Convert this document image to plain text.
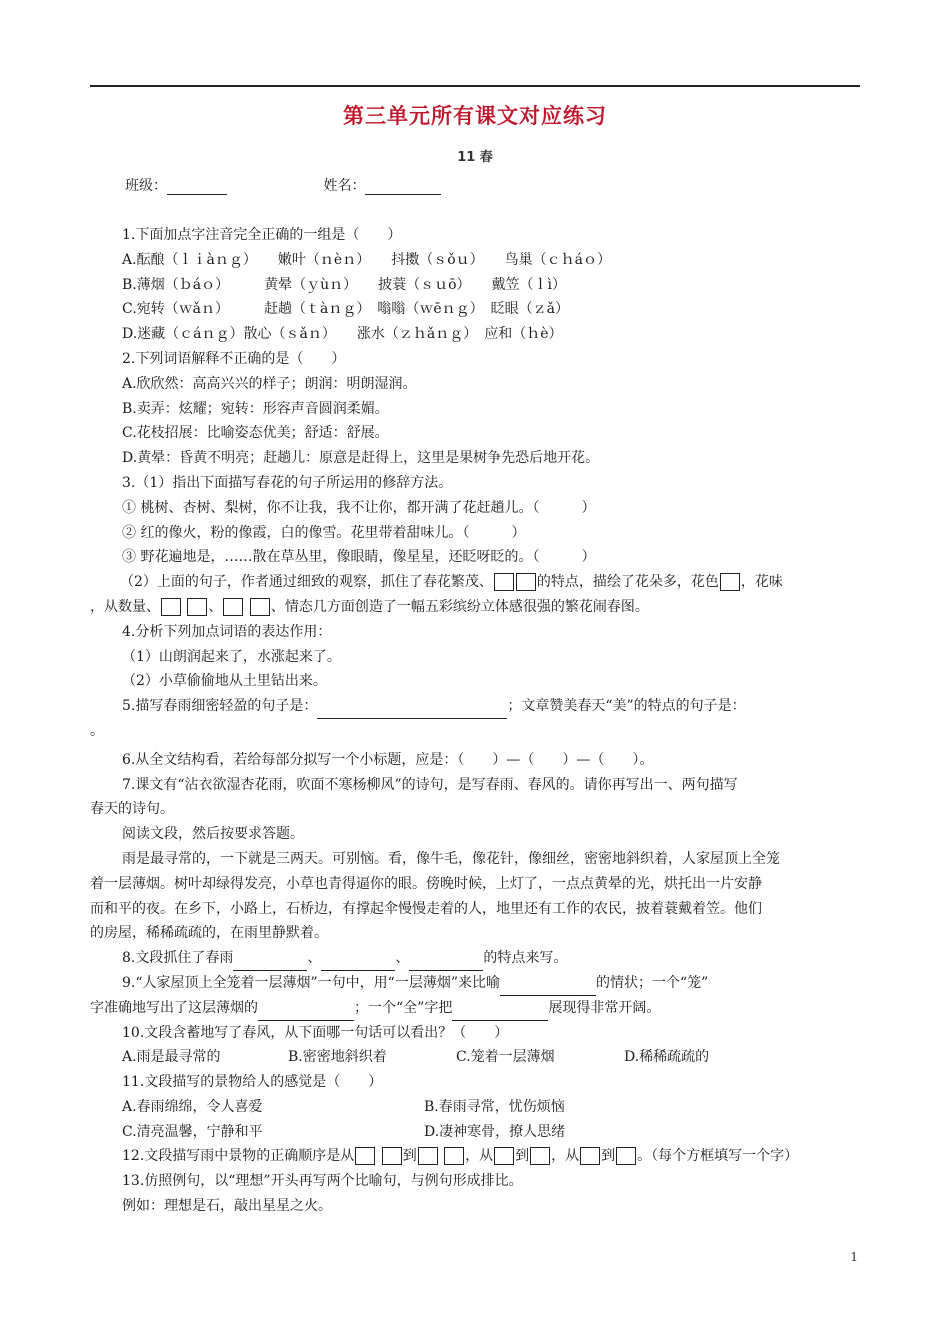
第三单元所有课文对应练习
11 春
班级：	姓名：
1.下面加点字注音完全正确的一组是（　　）
A.酝酿（ｌｉàｎｇ）　　嫩叶（ｎèｎ）　　抖擞（ｓǒｕ）　　鸟巢（ｃｈáｏ）
B.薄烟（ｂáｏ）　　　黄晕（ｙùｎ）　　披蓑（ｓｕō）　　戴笠（ｌì）
C.宛转（ｗǎｎ）　　　赶趟（ｔàｎｇ）　嗡嗡（ｗēｎｇ）　眨眼（ｚǎ）
D.迷藏（ｃáｎｇ）散心（ｓǎｎ）　　涨水（ｚｈǎｎｇ）　应和（ｈè）
2.下列词语解释不正确的是（　　）
A.欣欣然：高高兴兴的样子；朗润：明朗湿润。
B.卖弄：炫耀；宛转：形容声音圆润柔媚。
C.花枝招展：比喻姿态优美；舒适：舒展。
D.黄晕：昏黄不明亮；赶趟儿：原意是赶得上，这里是果树争先恐后地开花。
3.（1）指出下面描写春花的句子所运用的修辞方法。
① 桃树、杏树、梨树，你不让我，我不让你，都开满了花赶趟儿。（　　　）
② 红的像火，粉的像霞，白的像雪。花里带着甜味儿。（　　　）
③ 野花遍地是，……散在草丛里，像眼睛，像星星，还眨呀眨的。（　　　）
（2）上面的句子，作者通过细致的观察，抓住了春花繁茂、	的特点，描绘了花朵多，花色 ，花味
，从数量、	、	、情态几方面创造了一幅五彩缤纷立体感很强的繁花闹春图。
4.分析下列加点词语的表达作用：
（1）山朗润起来了，水涨起来了。
（2）小草偷偷地从土里钻出来。
5.描写春雨细密轻盈的句子是：	；文章赞美春天“美”的特点的句子是：
。
6.从全文结构看，若给每部分拟写一个小标题，应是：（　　）—（　　）—（　　）。
7.课文有“沾衣欲湿杏花雨，吹面不寒杨柳风”的诗句，是写春雨、春风的。请你再写出一、两句描写
春天的诗句。
阅读文段，然后按要求答题。
雨是最寻常的，一下就是三两天。可别恼。看，像牛毛，像花针，像细丝，密密地斜织着，人家屋顶上全笼
着一层薄烟。树叶却绿得发亮，小草也青得逼你的眼。傍晚时候，上灯了，一点点黄晕的光，烘托出一片安静
而和平的夜。在乡下，小路上，石桥边，有撑起伞慢慢走着的人，地里还有工作的农民，披着蓑戴着笠。他们
的房屋，稀稀疏疏的，在雨里静默着。
8.文段抓住了春雨	、	、	的特点来写。
9.“人家屋顶上全笼着一层薄烟”一句中，用“一层薄烟”来比喻	的情状；一个“笼”
字准确地写出了这层薄烟的	；一个“全”字把	展现得非常开阔。
10.文段含蓄地写了春风，从下面哪一句话可以看出？（　　）
A.雨是最寻常的	B.密密地斜织着	C.笼着一层薄烟	D.稀稀疏疏的
11.文段描写的景物给人的感觉是（　　）
A.春雨绵绵，令人喜爱	B.春雨寻常，忧伤烦恼
C.清亮温馨，宁静和平	D.凄神寒骨，撩人思绪
12.文段描写雨中景物的正确顺序是从	到	，从 到 ，从 到 。（每个方框填写一个字）
13.仿照例句，以“理想”开头再写两个比喻句，与例句形成排比。
例如：理想是石，敲出星星之火。
1
